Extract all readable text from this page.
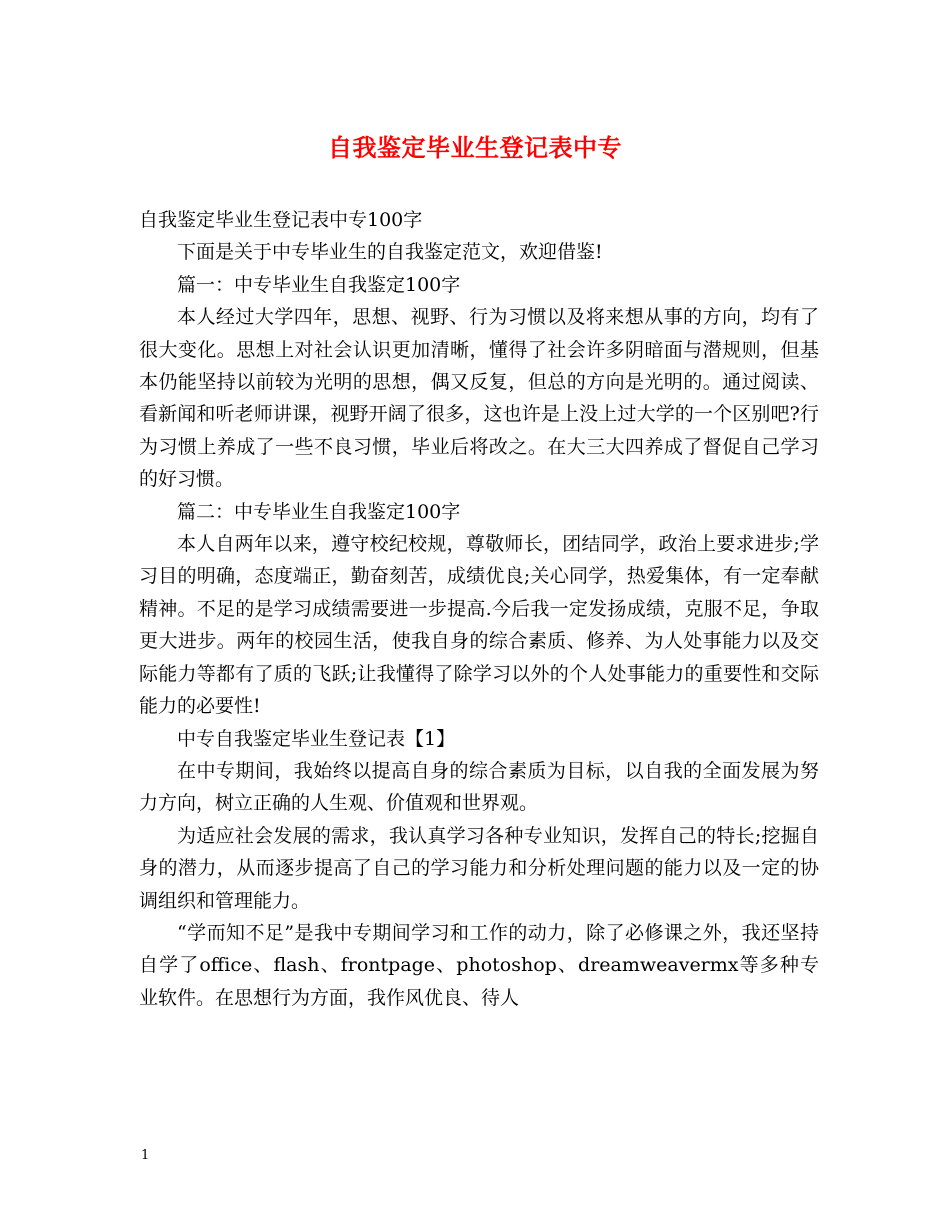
自我鉴定毕业生登记表中专

自我鉴定毕业生登记表中专100字

下面是关于中专毕业生的自我鉴定范文，欢迎借鉴!

篇一：中专毕业生自我鉴定100字

本人经过大学四年，思想、视野、行为习惯以及将来想从事的方向，均有了很大变化。思想上对社会认识更加清晰，懂得了社会许多阴暗面与潜规则，但基本仍能坚持以前较为光明的思想，偶又反复，但总的方向是光明的。通过阅读、看新闻和听老师讲课，视野开阔了很多，这也许是上没上过大学的一个区别吧?行为习惯上养成了一些不良习惯，毕业后将改之。在大三大四养成了督促自己学习的好习惯。

篇二：中专毕业生自我鉴定100字

本人自两年以来，遵守校纪校规，尊敬师长，团结同学，政治上要求进步;学习目的明确，态度端正，勤奋刻苦，成绩优良;关心同学，热爱集体，有一定奉献精神。不足的是学习成绩需要进一步提高.今后我一定发扬成绩，克服不足，争取更大进步。两年的校园生活，使我自身的综合素质、修养、为人处事能力以及交际能力等都有了质的飞跃;让我懂得了除学习以外的个人处事能力的重要性和交际能力的必要性!

中专自我鉴定毕业生登记表【1】

在中专期间，我始终以提高自身的综合素质为目标，以自我的全面发展为努力方向，树立正确的人生观、价值观和世界观。

为适应社会发展的需求，我认真学习各种专业知识，发挥自己的特长;挖掘自身的潜力，从而逐步提高了自己的学习能力和分析处理问题的能力以及一定的协调组织和管理能力。

“学而知不足”是我中专期间学习和工作的动力，除了必修课之外，我还坚持自学了office、flash、frontpage、photoshop、dreamweavermx等多种专业软件。在思想行为方面，我作风优良、待人

1
